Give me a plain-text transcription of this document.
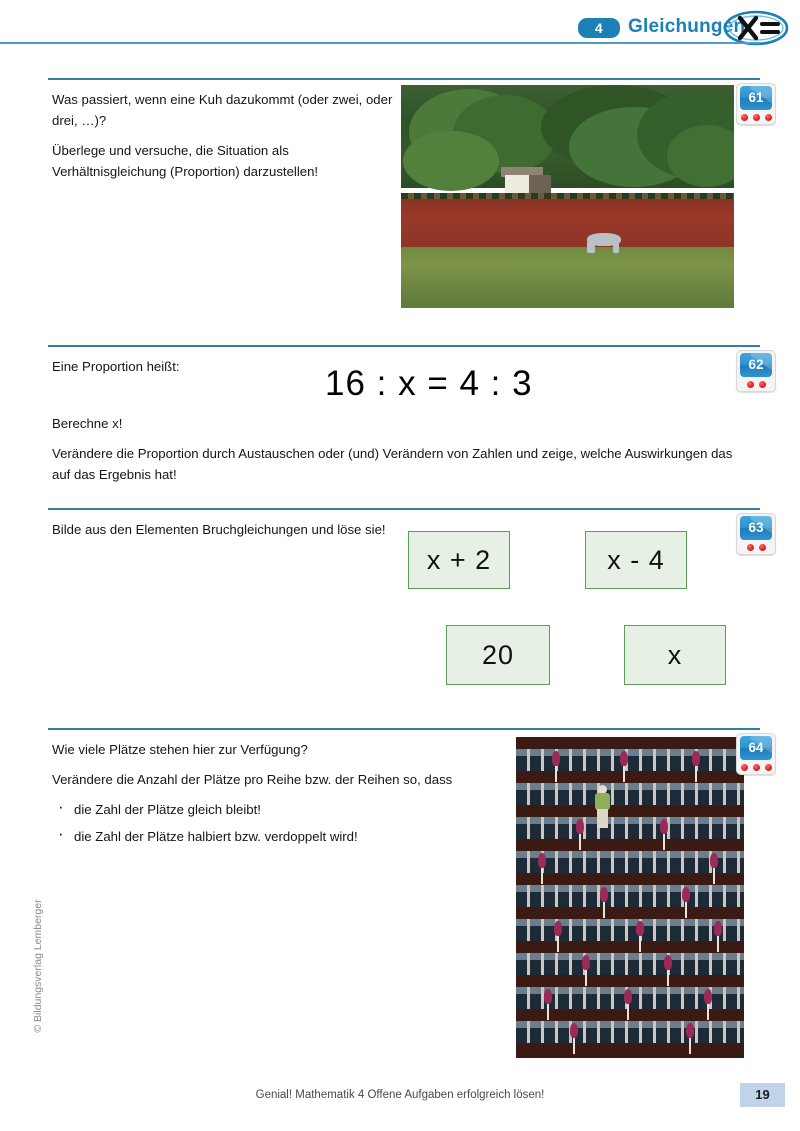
4	Gleichungen

Was passiert, wenn eine Kuh dazukommt (oder zwei, oder drei, …)?

Überlege und versuche, die Situation als Verhältnisgleichung (Proportion) darzustellen!

61

Eine Proportion heißt:	16 : x = 4 : 3

Berechne x!

Verändere die Proportion durch Austauschen oder (und) Verändern von Zahlen und zeige, welche Auswirkungen das auf das Ergebnis hat!

62

Bilde aus den Elementen Bruchgleichungen und löse sie!

x + 2	x - 4
20	x
63

Wie viele Plätze stehen hier zur Verfügung?

Verändere die Anzahl der Plätze pro Reihe bzw. der Reihen so, dass

· die Zahl der Plätze gleich bleibt!
· die Zahl der Plätze halbiert bzw. verdoppelt wird!
64
© Bildungsverlag Lemberger
Genial! Mathematik 4 Offene Aufgaben erfolgreich lösen!	19
